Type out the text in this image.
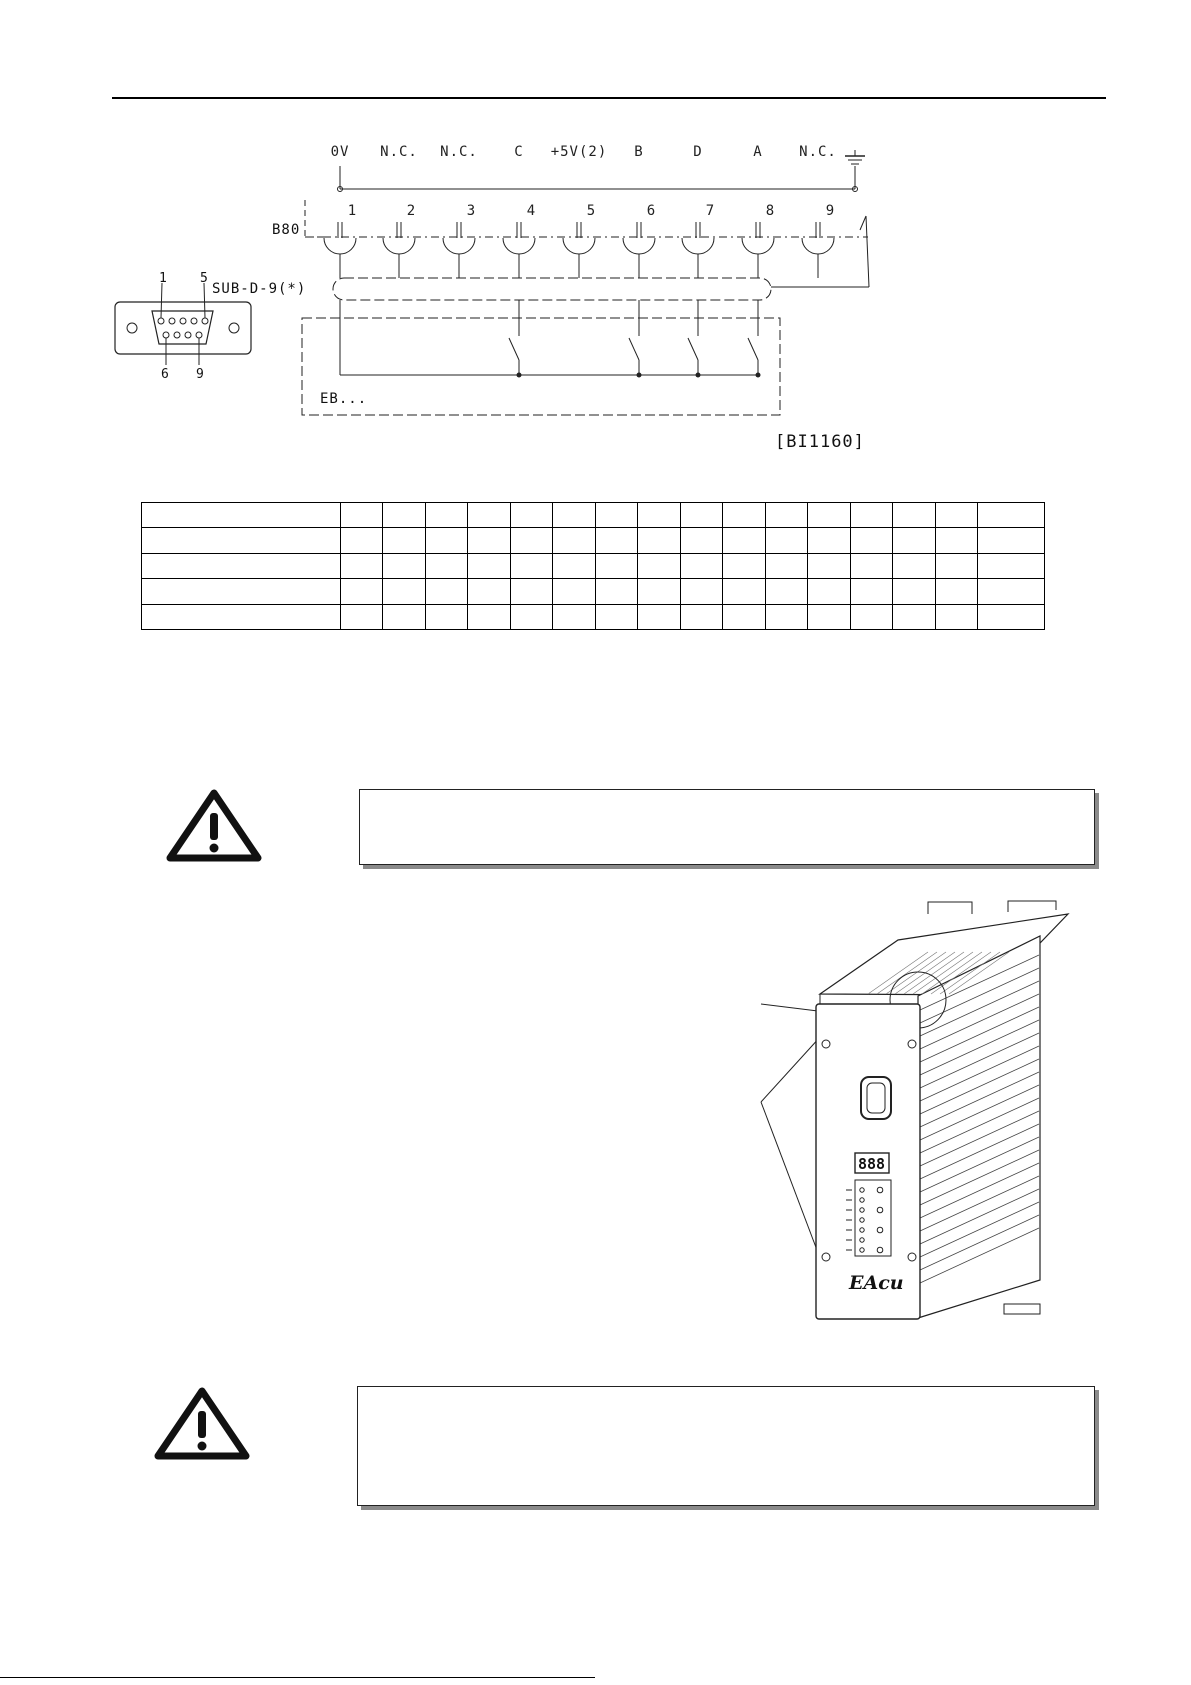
0V N.C. N.C.	C +5V(2) B	D	A	N.C.
1	2	3	4	5	6	7	8	9
B80
SUB-D-9(*)
1	5
6 9
EB...
[BI1160]

888
EAcu
